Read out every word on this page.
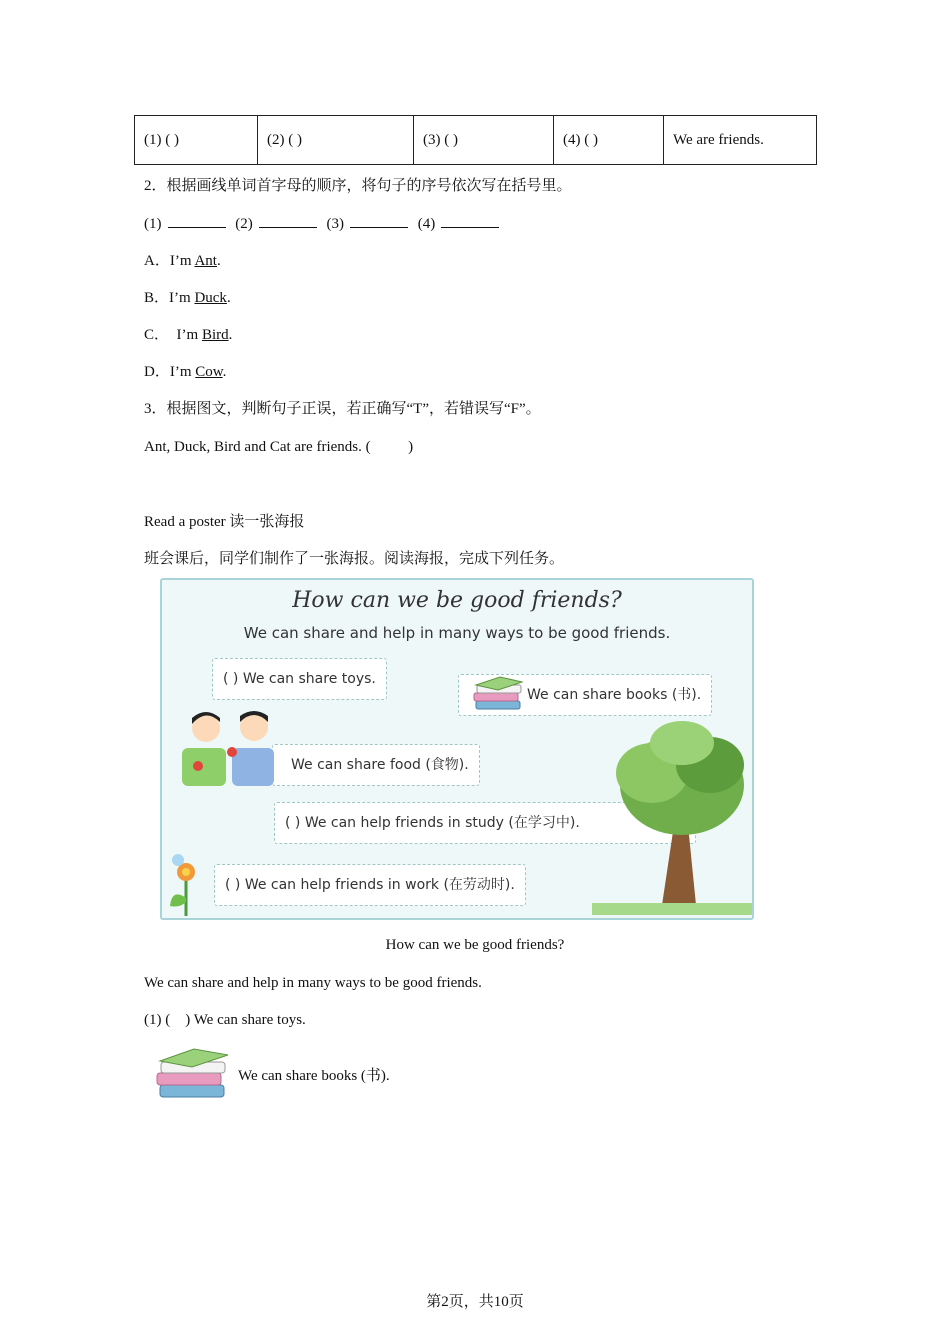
(1) ( )	(2) ( )	(3) ( )	(4) ( )	We are friends.
2．根据画线单词首字母的顺序，将句子的序号依次写在括号里。
(1)	(2)	(3)	(4)
A．I’m Ant.
B．I’m Duck.
C．  I’m Bird.
D．I’m Cow.
3．根据图文，判断句子正误，若正确写“T”，若错误写“F”。
Ant, Duck, Bird and Cat are friends. (          )
Read a poster 读一张海报
班会课后，同学们制作了一张海报。阅读海报，完成下列任务。
How can we be good friends?
We can share and help in many ways to be good friends.
( ) We can share toys.
We can share books (书).
We can share food (食物).
( ) We can help friends in study (在学习中).
( ) We can help friends in work (在劳动时).
How can we be good friends?
We can share and help in many ways to be good friends.
(1) (    ) We can share toys.
We can share books (书).
第2页，共10页
